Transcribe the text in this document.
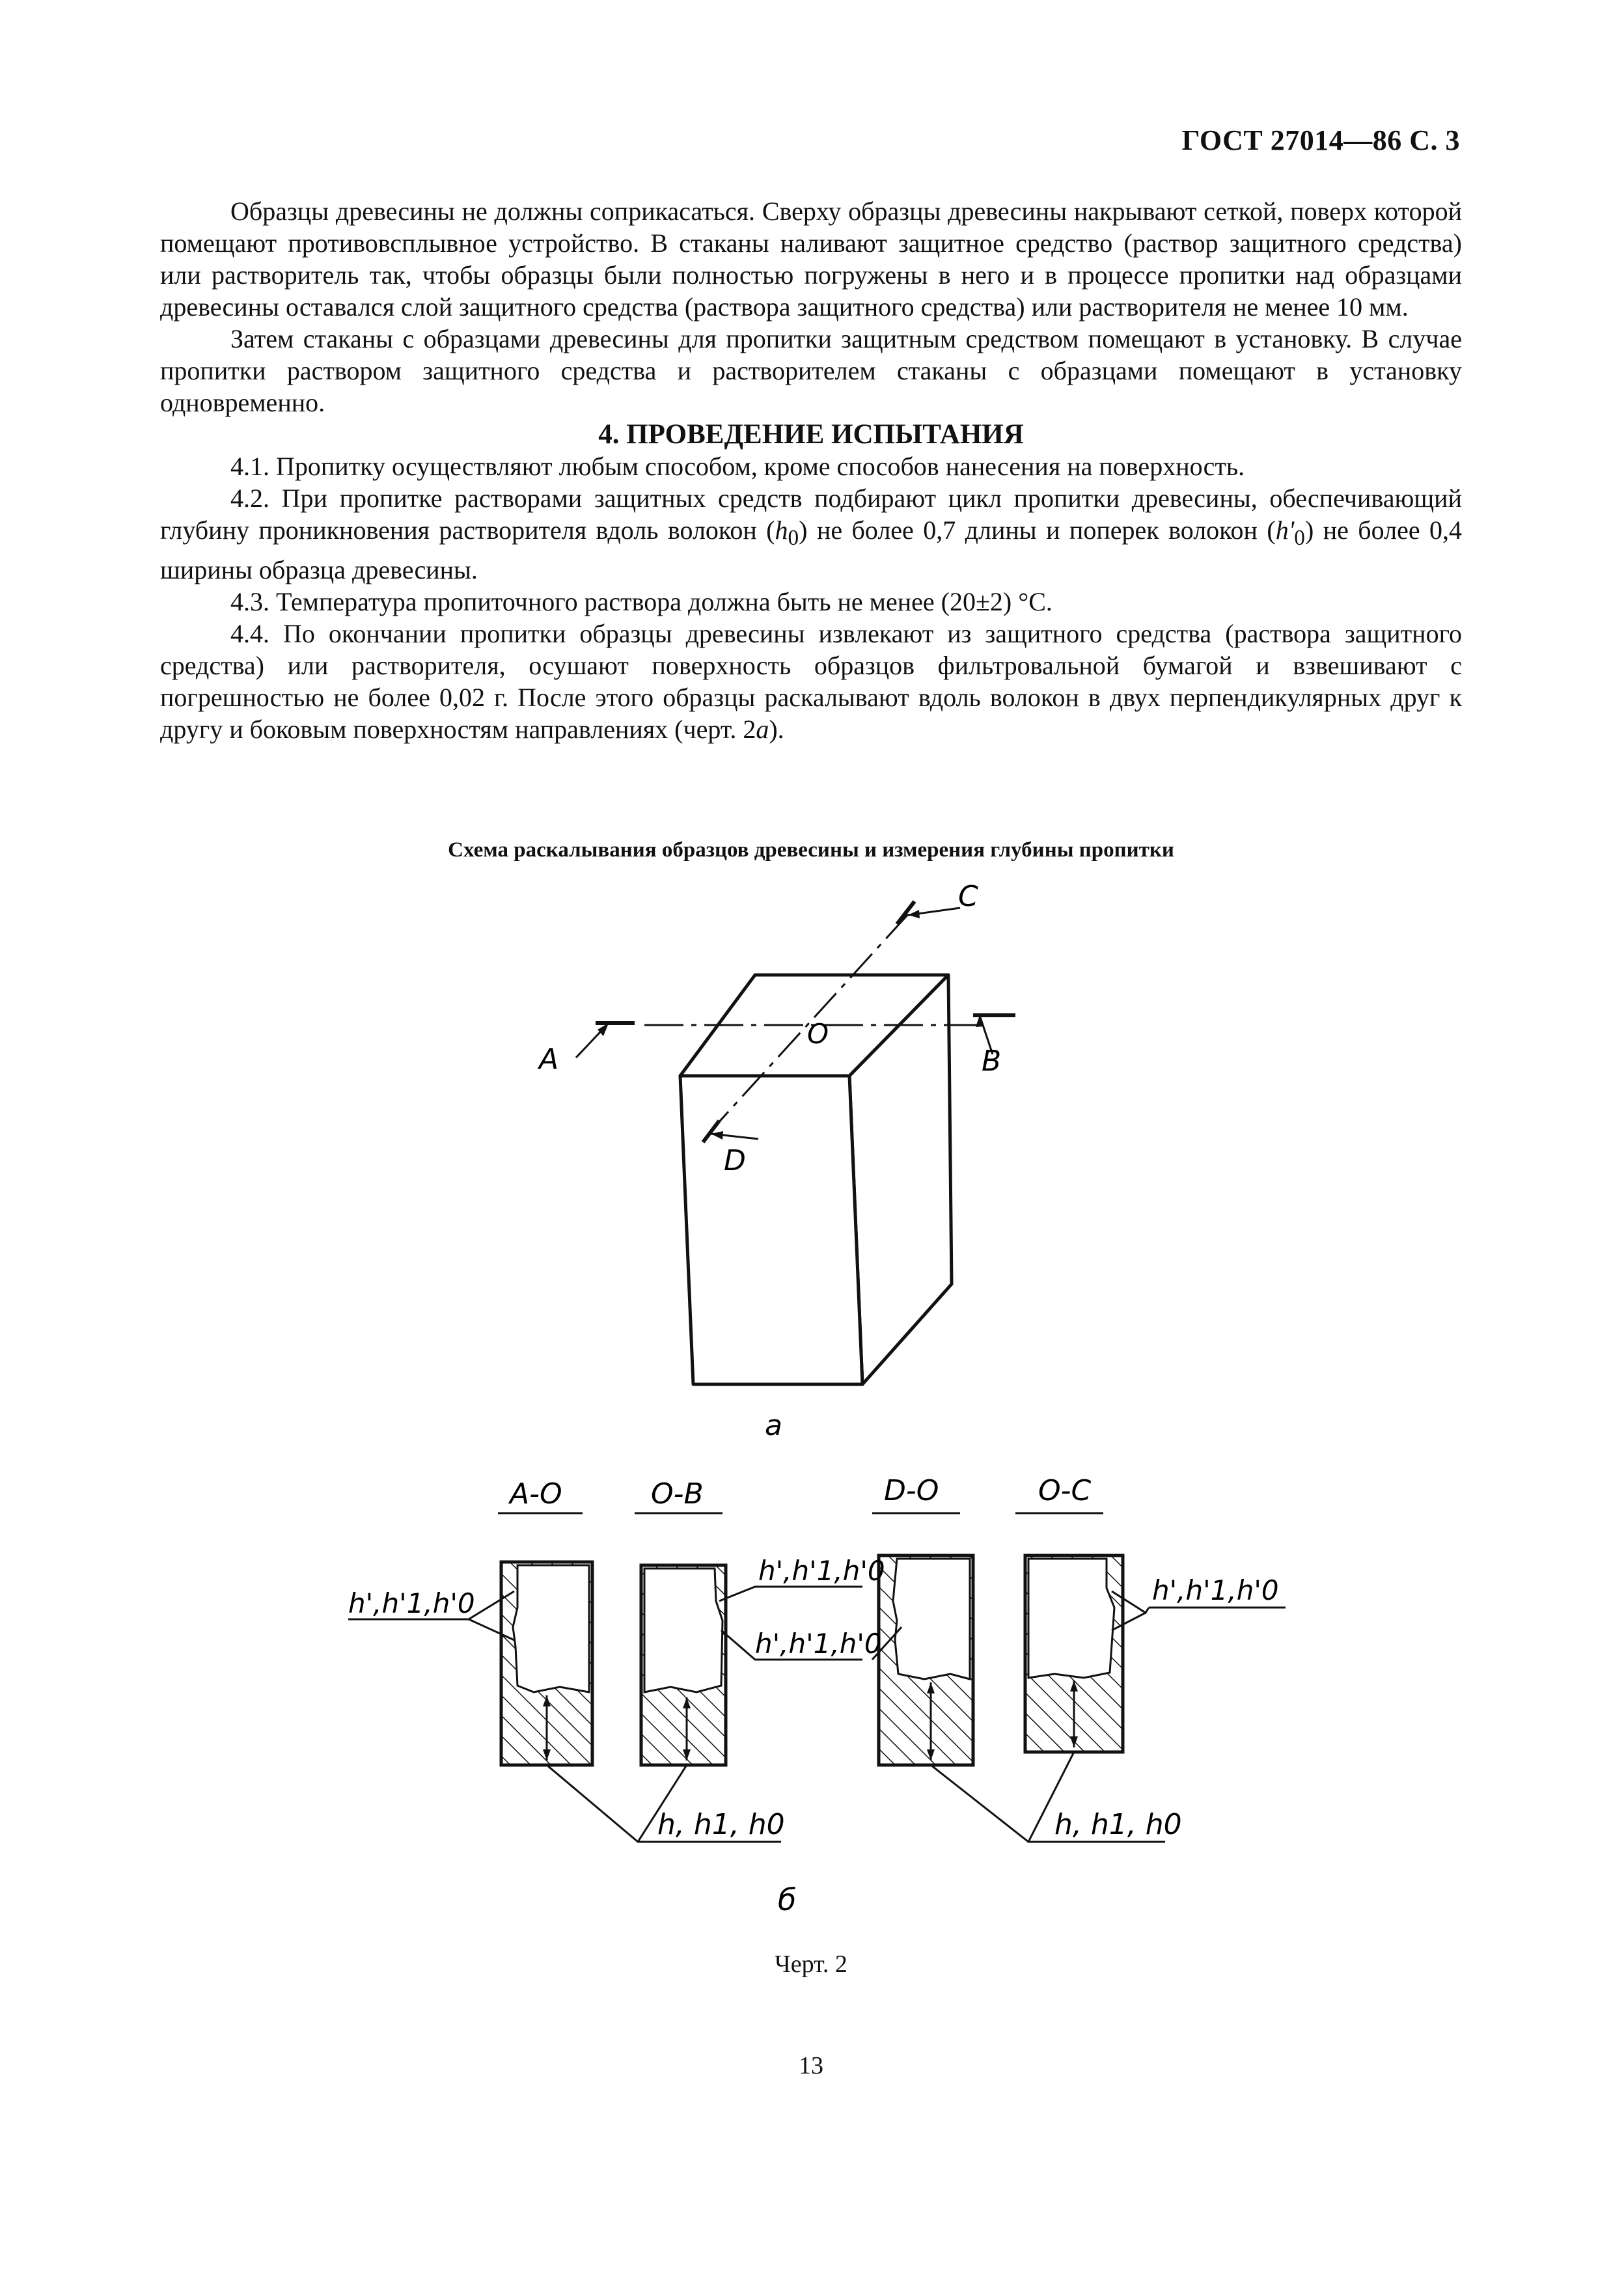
ГОСТ 27014—86 С. 3

Образцы древесины не должны соприкасаться. Сверху образцы древесины накрывают сеткой, поверх которой помещают противовсплывное устройство. В стаканы наливают защитное средство (раствор защитного средства) или растворитель так, чтобы образцы были полностью погружены в него и в процессе пропитки над образцами древесины оставался слой защитного средства (раствора защитного средства) или растворителя не менее 10 мм.

Затем стаканы с образцами древесины для пропитки защитным средством помещают в установку. В случае пропитки раствором защитного средства и растворителем стаканы с образцами помещают в установку одновременно.

4. ПРОВЕДЕНИЕ ИСПЫТАНИЯ

4.1. Пропитку осуществляют любым способом, кроме способов нанесения на поверхность.

4.2. При пропитке растворами защитных средств подбирают цикл пропитки древесины, обеспечивающий глубину проникновения растворителя вдоль волокон $(h_0)$ не более 0,7 длины и поперек волокон $(h'_0)$ не более 0,4 ширины образца древесины.

4.3. Температура пропиточного раствора должна быть не менее (20±2) °С.

4.4. По окончании пропитки образцы древесины извлекают из защитного средства (раствора защитного средства) или растворителя, осушают поверхность образцов фильтровальной бумагой и взвешивают с погрешностью не более 0,02 г. После этого образцы раскалывают вдоль волокон в двух перпендикулярных друг к другу и боковым поверхностям направлениях (черт. 2а).

Схема раскалывания образцов древесины и измерения глубины пропитки
A	B
C
D
O
a
A-O	O-B	D-O	O-C
h',h'1,h'0
h',h'1,h'0
h',h'1,h'0
h',h'1,h'0
h, h1, h0	h, h1, h0
б
Черт. 2
13
